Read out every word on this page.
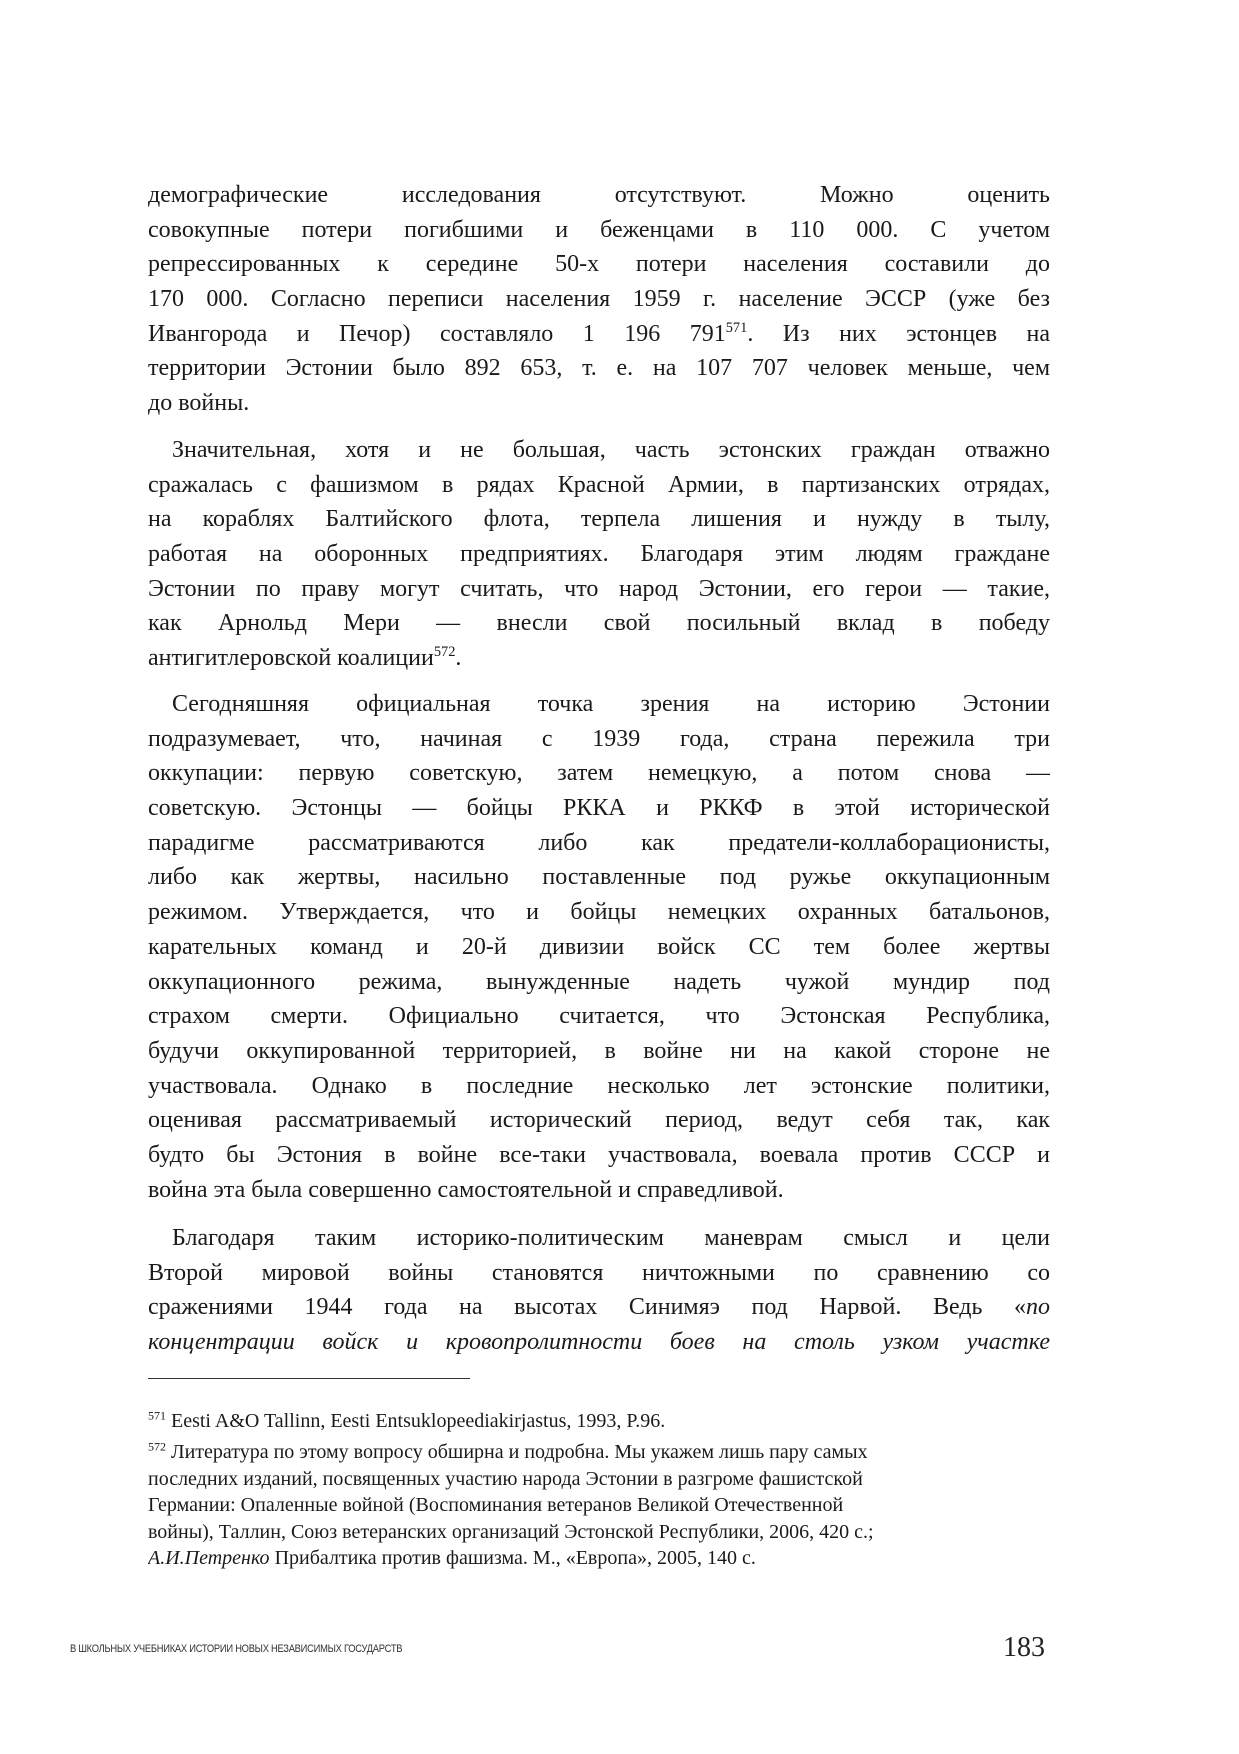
демографические исследования отсутствуют. Можно оценить
совокупные потери погибшими и беженцами в 110 000. С учетом
репрессированных к середине 50-х потери населения составили до
170 000. Согласно переписи населения 1959 г. население ЭССР (уже без
Ивангорода и Печор) составляло 1 196 $791^{571}$. Из них эстонцев на
территории Эстонии было 892 653, т. е. на 107 707 человек меньше, чем
до войны.
Значительная, хотя и не большая, часть эстонских граждан отважно
сражалась с фашизмом в рядах Красной Армии, в партизанских отрядах,
на кораблях Балтийского флота, терпела лишения и нужду в тылу,
работая на оборонных предприятиях. Благодаря этим людям граждане
Эстонии по праву могут считать, что народ Эстонии, его герои — такие,
как Арнольд Мери — внесли свой посильный вклад в победу
антигитлеровской коалиции$^{572}$.
Сегодняшняя официальная точка зрения на историю Эстонии
подразумевает, что, начиная с 1939 года, страна пережила три
оккупации: первую советскую, затем немецкую, а потом снова —
советскую. Эстонцы — бойцы РККА и РККФ в этой исторической
парадигме рассматриваются либо как предатели-коллаборационисты,
либо как жертвы, насильно поставленные под ружье оккупационным
режимом. Утверждается, что и бойцы немецких охранных батальонов,
карательных команд и 20-й дивизии войск СС тем более жертвы
оккупационного режима, вынужденные надеть чужой мундир под
страхом смерти. Официально считается, что Эстонская Республика,
будучи оккупированной территорией, в войне ни на какой стороне не
участвовала. Однако в последние несколько лет эстонские политики,
оценивая рассматриваемый исторический период, ведут себя так, как
будто бы Эстония в войне все-таки участвовала, воевала против СССР и
война эта была совершенно самостоятельной и справедливой.
Благодаря таким историко-политическим маневрам смысл и цели
Второй мировой войны становятся ничтожными по сравнению со
сражениями 1944 года на высотах Синимяэ под Нарвой. Ведь «по
концентрации войск и кровопролитности боев на столь узком участке
$^{571}$ Eesti A&O Tallinn, Eesti Entsuklopeediakirjastus, 1993, P.96.
$^{572}$ Литература по этому вопросу обширна и подробна. Мы укажем лишь пару самых
последних изданий, посвященных участию народа Эстонии в разгроме фашистской
Германии: Опаленные войной (Воспоминания ветеранов Великой Отечественной
войны), Таллин, Союз ветеранских организаций Эстонской Республики, 2006, 420 с.;
А.И.Петренко Прибалтика против фашизма. М., «Европа», 2005, 140 с.
В ШКОЛЬНЫХ УЧЕБНИКАХ ИСТОРИИ НОВЫХ НЕЗАВИСИМЫХ ГОСУДАРСТВ	183
